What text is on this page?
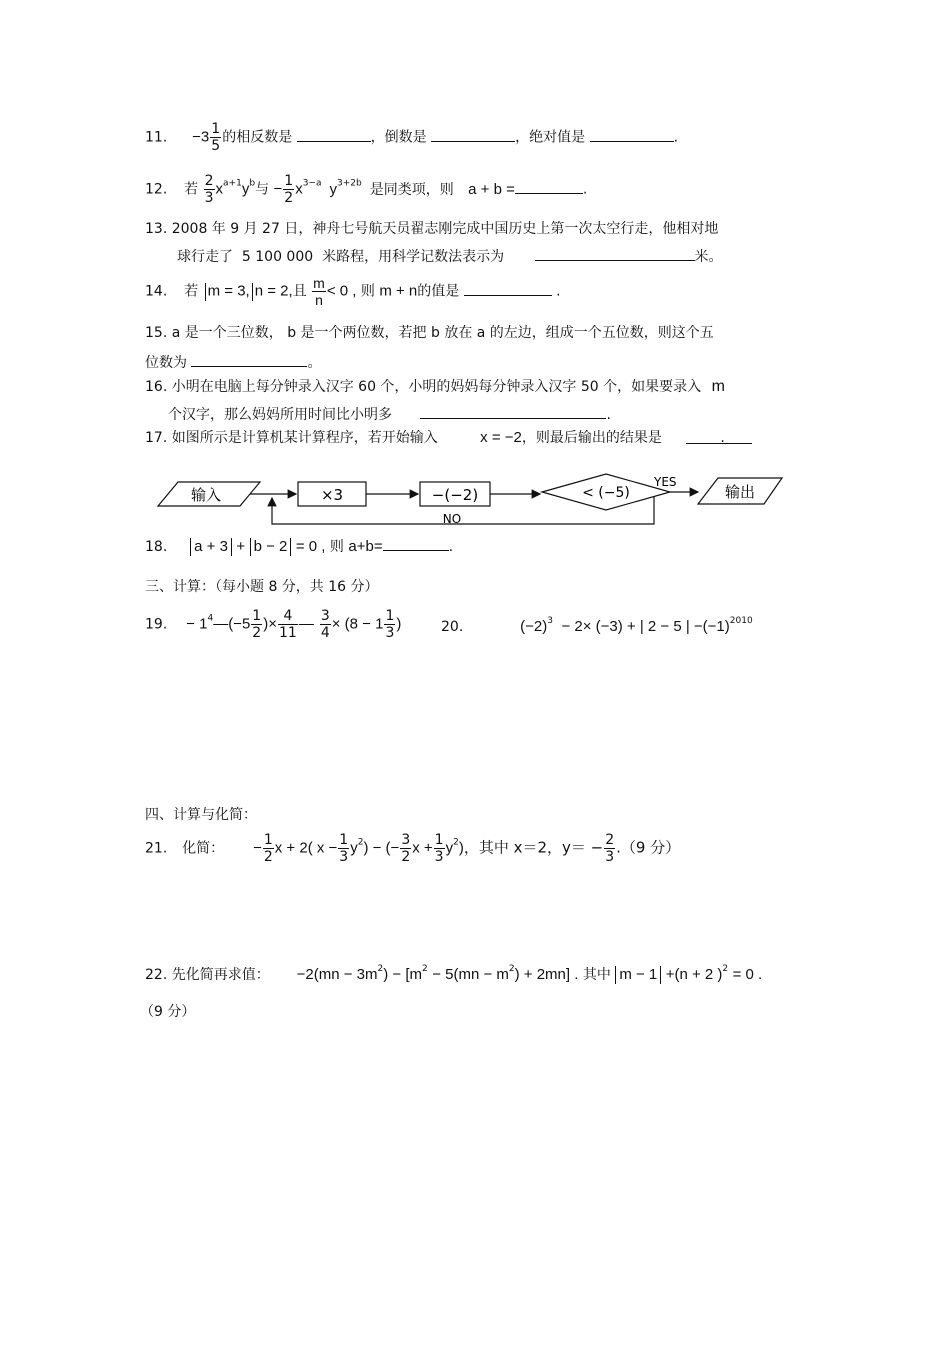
11. $-3 \frac{1}{5}$ 的相反数是	，倒数是	，绝对值是	.
12. 若 $\frac{2}{3} x^{a+1}y^b$与 − $\frac{1}{2} x^{3-a}$ $y^{3+2b}$ 是同类项，则 a + b =	.
13. 2008 年 9 月 27 日，神舟七号航天员翟志刚完成中国历史上第一次太空行走，他相对地
球行走了 5 100 000 米路程，用科学记数法表示为	米。
14. 若 m = 3, n = 2,且 $\frac{m}{n} < 0$ , 则 m + n的值是	.
15. a 是一个三位数， b 是一个两位数，若把 b 放在 a 的左边，组成一个五位数，则这个五
位数为	。
16. 小明在电脑上每分钟录入汉字 60 个，小明的妈妈每分钟录入汉字 50 个，如果要录入 m
个汉字，那么妈妈所用时间比小明多	.
17. 如图所示是计算机某计算程序，若开始输入	x = −2，则最后输出的结果是	.
输入	×3	−(−2)	< (−5)
YES
输出
NO
18. a + 3 + b − 2 = 0 , 则 a+b=	.
三、计算：（每小题 8 分，共 16 分）
19. − $1^4—(-5 \frac{1}{2}$ )× $\frac{4}{11}$ — $\frac{3}{4} \times (8 - 1 \frac{1}{3}$ )	20.	$(-2)^3 - 2\times (-3)$ + | 2 − 5 | $-(-1)^{2010}$
四、计算与化简：
21. 化简： − $\frac{1}{2}$ x + 2( $x - \frac{1}{3} y^2$) − (− $\frac{3}{2}$ $x + \frac{1}{3} y^2$)，其中 x＝2，$y= - \frac{2}{3} .(9$ 分）
22. 先化简再求值： $-2(mn - 3m^2) - [m^2 - 5(mn - m^2) + 2mn]$ . 其中 m − 1 +(n + 2 )$^2$ = 0 .
（9 分）
